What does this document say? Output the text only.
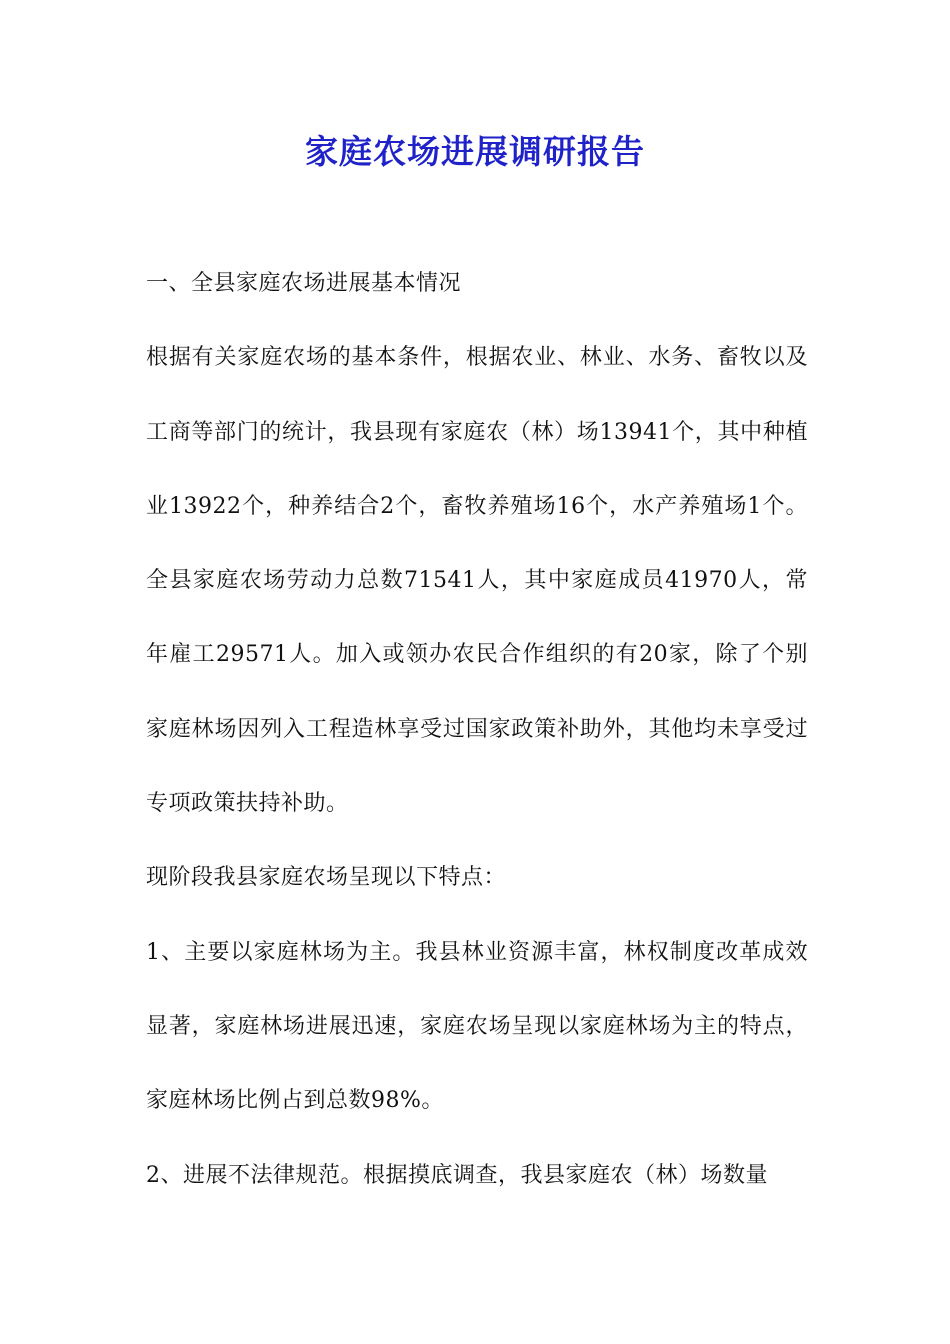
家庭农场进展调研报告

一、全县家庭农场进展基本情况

根据有关家庭农场的基本条件，根据农业、林业、水务、畜牧以及工商等部门的统计，我县现有家庭农（林）场13941个，其中种植业13922个，种养结合2个，畜牧养殖场16个，水产养殖场1个。全县家庭农场劳动力总数71541人，其中家庭成员41970人，常年雇工29571人。加入或领办农民合作组织的有20家，除了个别家庭林场因列入工程造林享受过国家政策补助外，其他均未享受过专项政策扶持补助。

现阶段我县家庭农场呈现以下特点：

1、主要以家庭林场为主。我县林业资源丰富，林权制度改革成效显著，家庭林场进展迅速，家庭农场呈现以家庭林场为主的特点，家庭林场比例占到总数98%。

2、进展不法律规范。根据摸底调查，我县家庭农（林）场数量
